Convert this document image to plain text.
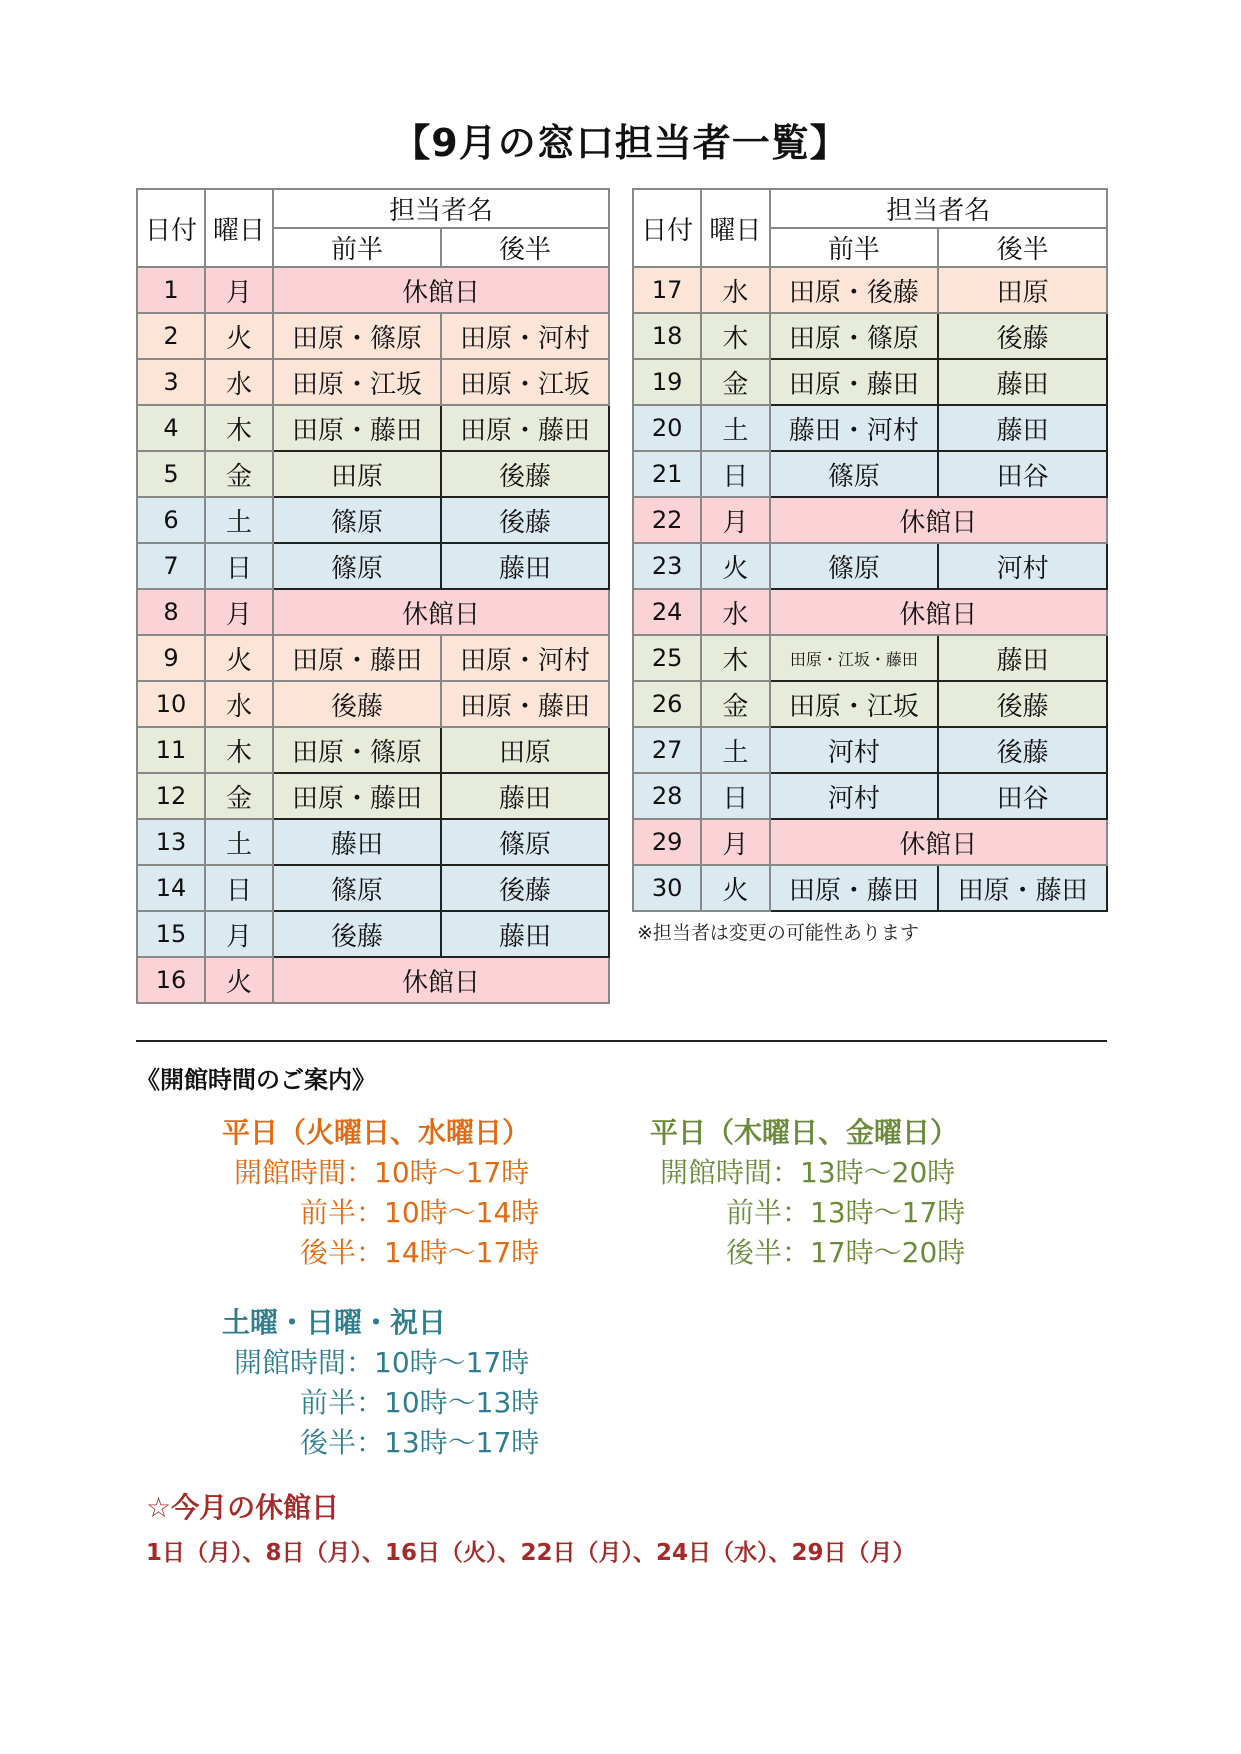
【9月の窓口担当者一覧】
日付	曜日	担当者名	
		前半	後半
1	月	休館日	
2	火	田原・篠原	田原・河村
3	水	田原・江坂	田原・江坂
4	木	田原・藤田	田原・藤田
5	金	田原	後藤
6	土	篠原	後藤
7	日	篠原	藤田
8	月	休館日	
9	火	田原・藤田	田原・河村
10	水	後藤	田原・藤田
11	木	田原・篠原	田原
12	金	田原・藤田	藤田
13	土	藤田	篠原
14	日	篠原	後藤
15	月	後藤	藤田
16	火	休館日	
日付	曜日	担当者名	
		前半	後半
17	水	田原・後藤	田原
18	木	田原・篠原	後藤
19	金	田原・藤田	藤田
20	土	藤田・河村	藤田
21	日	篠原	田谷
22	月	休館日	
23	火	篠原	河村
24	水	休館日	
25	木	田原・江坂・藤田	藤田
26	金	田原・江坂	後藤
27	土	河村	後藤
28	日	河村	田谷
29	月	休館日	
30	火	田原・藤田	田原・藤田
※担当者は変更の可能性あります
《開館時間のご案内》
平日（火曜日、水曜日）
開館時間：10時～17時
前半：10時～14時
後半：14時～17時
平日（木曜日、金曜日）
開館時間：13時～20時
前半：13時～17時
後半：17時～20時
土曜・日曜・祝日
開館時間：10時～17時
前半：10時～13時
後半：13時～17時
☆今月の休館日
1日（月）、8日（月）、16日（火）、22日（月）、24日（水）、29日（月）
